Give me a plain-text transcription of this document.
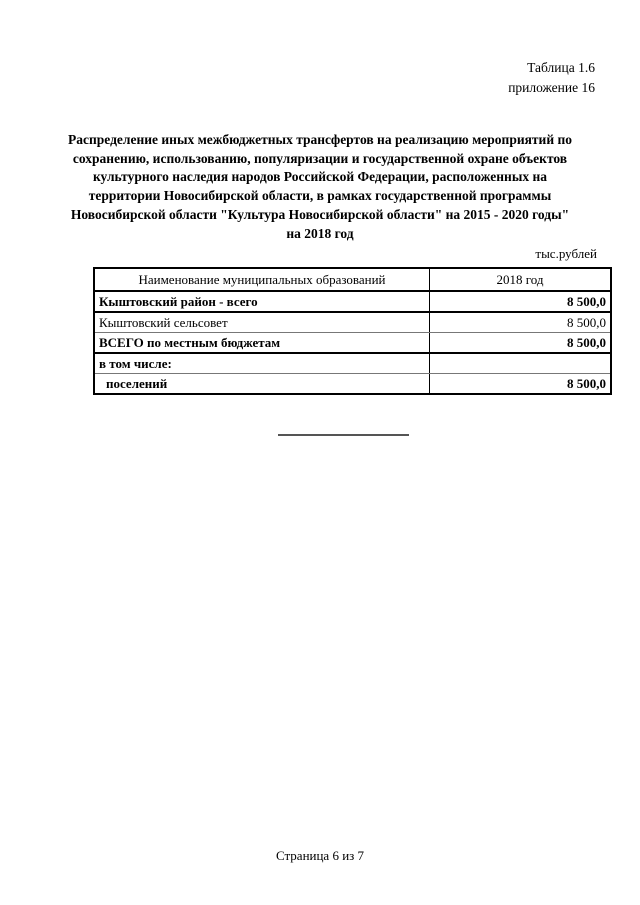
Таблица 1.6
приложение 16
Распределение иных межбюджетных трансфертов на реализацию мероприятий по
сохранению, использованию, популяризации и государственной охране объектов
культурного наследия народов Российской Федерации, расположенных на
территории Новосибирской области, в рамках государственной программы
Новосибирской области "Культура Новосибирской области" на 2015 - 2020 годы"
на 2018 год
тыс.рублей
Наименование муниципальных образований	2018 год
Кыштовский район - всего	8 500,0
Кыштовский сельсовет	8 500,0
ВСЕГО по местным бюджетам	8 500,0
в том числе:	
поселений	8 500,0
Страница 6 из 7
